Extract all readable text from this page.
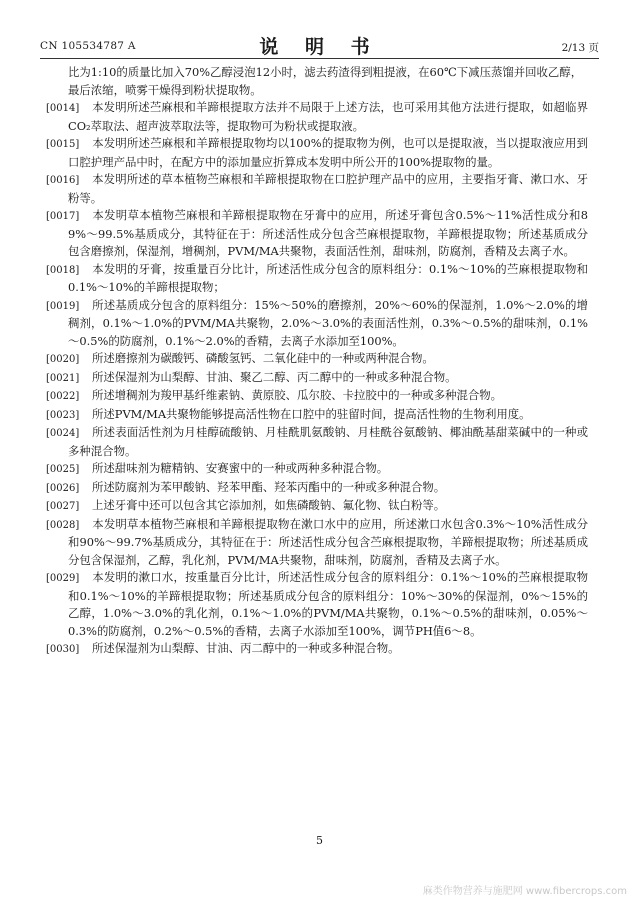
CN 105534787 A	说 明 书	2/13 页

比为1:10的质量比加入70%乙醇浸泡12小时，滤去药渣得到粗提液，在60℃下减压蒸馏并回收乙醇，最后浓缩，喷雾干燥得到粉状提取物。

[0014] 本发明所述苎麻根和羊蹄根提取方法并不局限于上述方法，也可采用其他方法进行提取，如超临界CO₂萃取法、超声波萃取法等，提取物可为粉状或提取液。

[0015] 本发明所述苎麻根和羊蹄根提取物均以100%的提取物为例，也可以是提取液，当以提取液应用到口腔护理产品中时，在配方中的添加量应折算成本发明中所公开的100%提取物的量。

[0016] 本发明所述的草本植物苎麻根和羊蹄根提取物在口腔护理产品中的应用，主要指牙膏、漱口水、牙粉等。

[0017] 本发明草本植物苎麻根和羊蹄根提取物在牙膏中的应用，所述牙膏包含0.5%～11%活性成分和89%～99.5%基质成分，其特征在于：所述活性成分包含苎麻根提取物，羊蹄根提取物；所述基质成分包含磨擦剂，保湿剂，增稠剂，PVM/MA共聚物，表面活性剂，甜味剂，防腐剂，香精及去离子水。

[0018] 本发明的牙膏，按重量百分比计，所述活性成分包含的原料组分：0.1%～10%的苎麻根提取物和0.1%～10%的羊蹄根提取物；

[0019] 所述基质成分包含的原料组分：15%～50%的磨擦剂，20%～60%的保湿剂，1.0%～2.0%的增稠剂，0.1%～1.0%的PVM/MA共聚物，2.0%～3.0%的表面活性剂，0.3%～0.5%的甜味剂，0.1%～0.5%的防腐剂，0.1%～2.0%的香精，去离子水添加至100%。

[0020] 所述磨擦剂为碳酸钙、磷酸氢钙、二氧化硅中的一种或两种混合物。

[0021] 所述保湿剂为山梨醇、甘油、聚乙二醇、丙二醇中的一种或多种混合物。

[0022] 所述增稠剂为羧甲基纤维素钠、黄原胶、瓜尔胶、卡拉胶中的一种或多种混合物。

[0023] 所述PVM/MA共聚物能够提高活性物在口腔中的驻留时间，提高活性物的生物利用度。

[0024] 所述表面活性剂为月桂醇硫酸钠、月桂酰肌氨酸钠、月桂酰谷氨酸钠、椰油酰基甜菜碱中的一种或多种混合物。

[0025] 所述甜味剂为糖精钠、安赛蜜中的一种或两种多种混合物。

[0026] 所述防腐剂为苯甲酸钠、羟苯甲酯、羟苯丙酯中的一种或多种混合物。

[0027] 上述牙膏中还可以包含其它添加剂，如焦磷酸钠、氟化物、钛白粉等。

[0028] 本发明草本植物苎麻根和羊蹄根提取物在漱口水中的应用，所述漱口水包含0.3%～10%活性成分和90%～99.7%基质成分，其特征在于：所述活性成分包含苎麻根提取物，羊蹄根提取物；所述基质成分包含保湿剂，乙醇，乳化剂，PVM/MA共聚物，甜味剂，防腐剂，香精及去离子水。

[0029] 本发明的漱口水，按重量百分比计，所述活性成分包含的原料组分：0.1%～10%的苎麻根提取物和0.1%～10%的羊蹄根提取物；所述基质成分包含的原料组分：10%～30%的保湿剂，0%～15%的乙醇，1.0%～3.0%的乳化剂，0.1%～1.0%的PVM/MA共聚物，0.1%～0.5%的甜味剂，0.05%～0.3%的防腐剂，0.2%～0.5%的香精，去离子水添加至100%，调节PH值6～8。

[0030] 所述保湿剂为山梨醇、甘油、丙二醇中的一种或多种混合物。

5
麻类作物营养与施肥网 www.fibercrops.com
